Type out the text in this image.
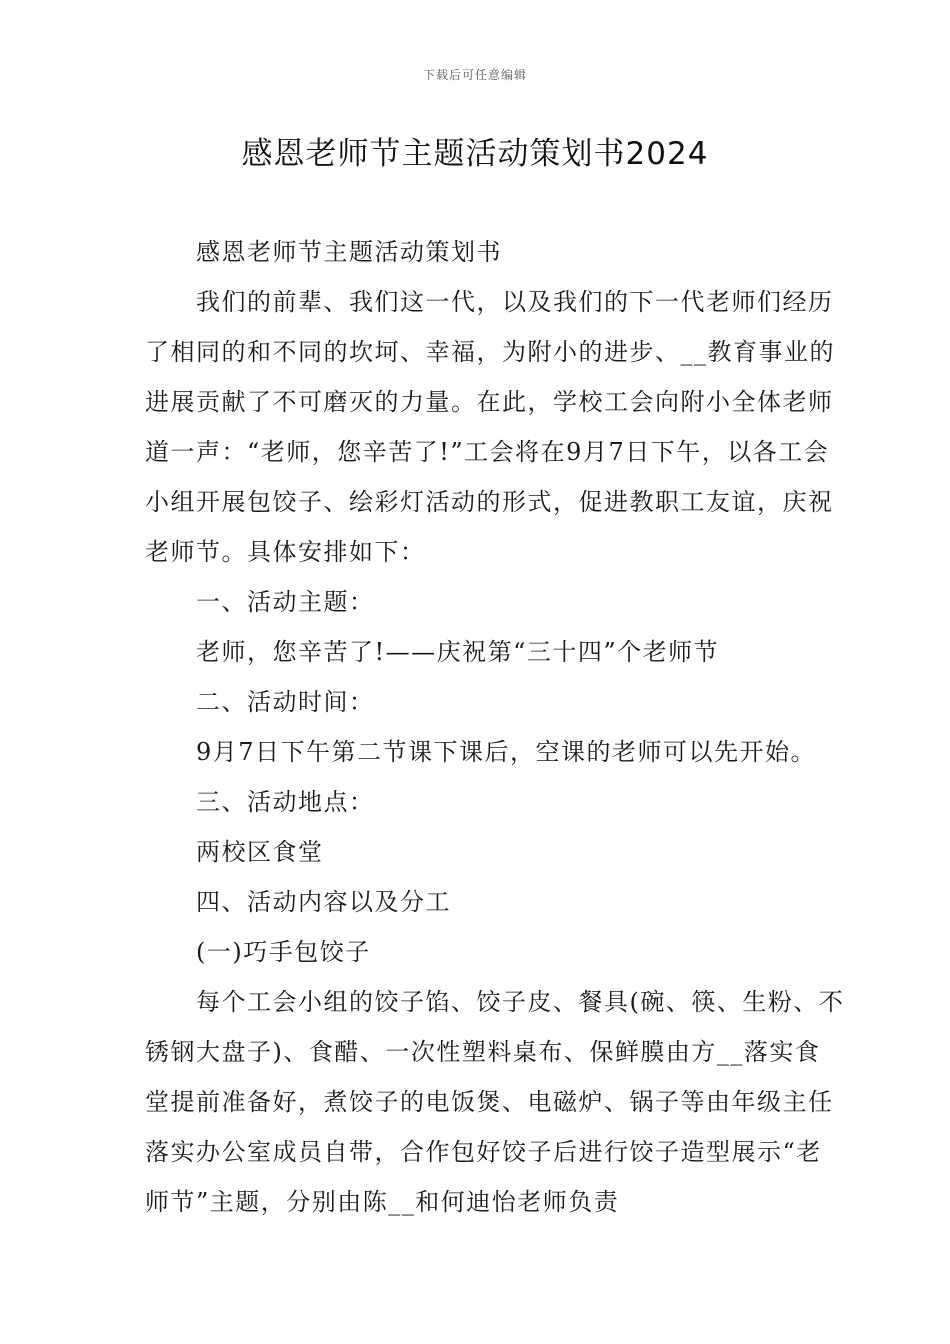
下载后可任意编辑
感恩老师节主题活动策划书2024

感恩老师节主题活动策划书

我们的前辈、我们这一代，以及我们的下一代老师们经历了相同的和不同的坎坷、幸福，为附小的进步、__教育事业的进展贡献了不可磨灭的力量。在此，学校工会向附小全体老师道一声：“老师，您辛苦了!”工会将在9月7日下午，以各工会小组开展包饺子、绘彩灯活动的形式，促进教职工友谊，庆祝老师节。具体安排如下：

一、活动主题：

老师，您辛苦了!——庆祝第“三十四”个老师节

二、活动时间：

9月7日下午第二节课下课后，空课的老师可以先开始。

三、活动地点：

两校区食堂

四、活动内容以及分工

(一)巧手包饺子

每个工会小组的饺子馅、饺子皮、餐具(碗、筷、生粉、不锈钢大盘子)、食醋、一次性塑料桌布、保鲜膜由方__落实食堂提前准备好，煮饺子的电饭煲、电磁炉、锅子等由年级主任落实办公室成员自带，合作包好饺子后进行饺子造型展示“老师节”主题，分别由陈__和何迪怡老师负责
